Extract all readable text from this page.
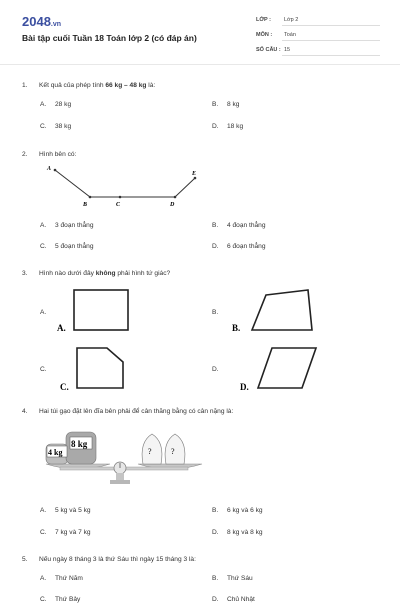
2048.vn
Bài tập cuối Tuần 18 Toán lớp 2 (có đáp án)
LỚP : Lớp 2
MÔN : Toán
SỐ CÂU : 15
1. Kết quả của phép tính 66 kg – 48 kg là:
A. 28 kg	B. 8 kg
C. 38 kg	D. 18 kg
2. Hình bên có:
A
B	C	D
E
A. 3 đoạn thẳng	B. 4 đoạn thẳng
C. 5 đoạn thẳng	D. 6 đoạn thẳng
3. Hình nào dưới đây không phải hình tứ giác?
A.
A.
B.
B.
C.
C.
D.
D.
4. Hai túi gạo đặt lên đĩa bên phải để cân thăng bằng có cân nặng là:
4 kg
8 kg
? ?
A. 5 kg và 5 kg	B. 6 kg và 6 kg
C. 7 kg và 7 kg	D. 8 kg và 8 kg
5. Nếu ngày 8 tháng 3 là thứ Sáu thì ngày 15 tháng 3 là:
A. Thứ Năm	B. Thứ Sáu
C. Thứ Bảy	D. Chủ Nhật
